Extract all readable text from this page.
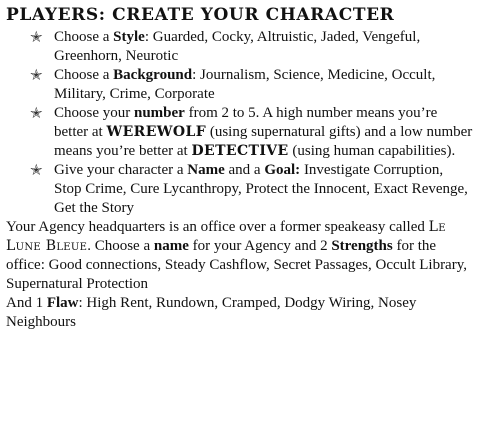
PLAYERS: CREATE YOUR CHARACTER
✭ Choose a Style: Guarded, Cocky, Altruistic, Jaded, Vengeful, Greenhorn, Neurotic
✭ Choose a Background: Journalism, Science, Medicine, Occult, Military, Crime, Corporate
✭ Choose your number from 2 to 5. A high number means you’re better at WEREWOLF (using supernatural gifts) and a low number means you’re better at DETECTIVE (using human capabilities).
✭ Give your character a Name and a Goal: Investigate Corruption, Stop Crime, Cure Lycanthropy, Protect the Innocent, Exact Revenge, Get the Story

Your Agency headquarters is an office over a former speakeasy called Le Lune Bleue. Choose a name for your Agency and 2 Strengths for the office: Good connections, Steady Cashflow, Secret Passages, Occult Library, Supernatural Protection

And 1 Flaw: High Rent, Rundown, Cramped, Dodgy Wiring, Nosey Neighbours
